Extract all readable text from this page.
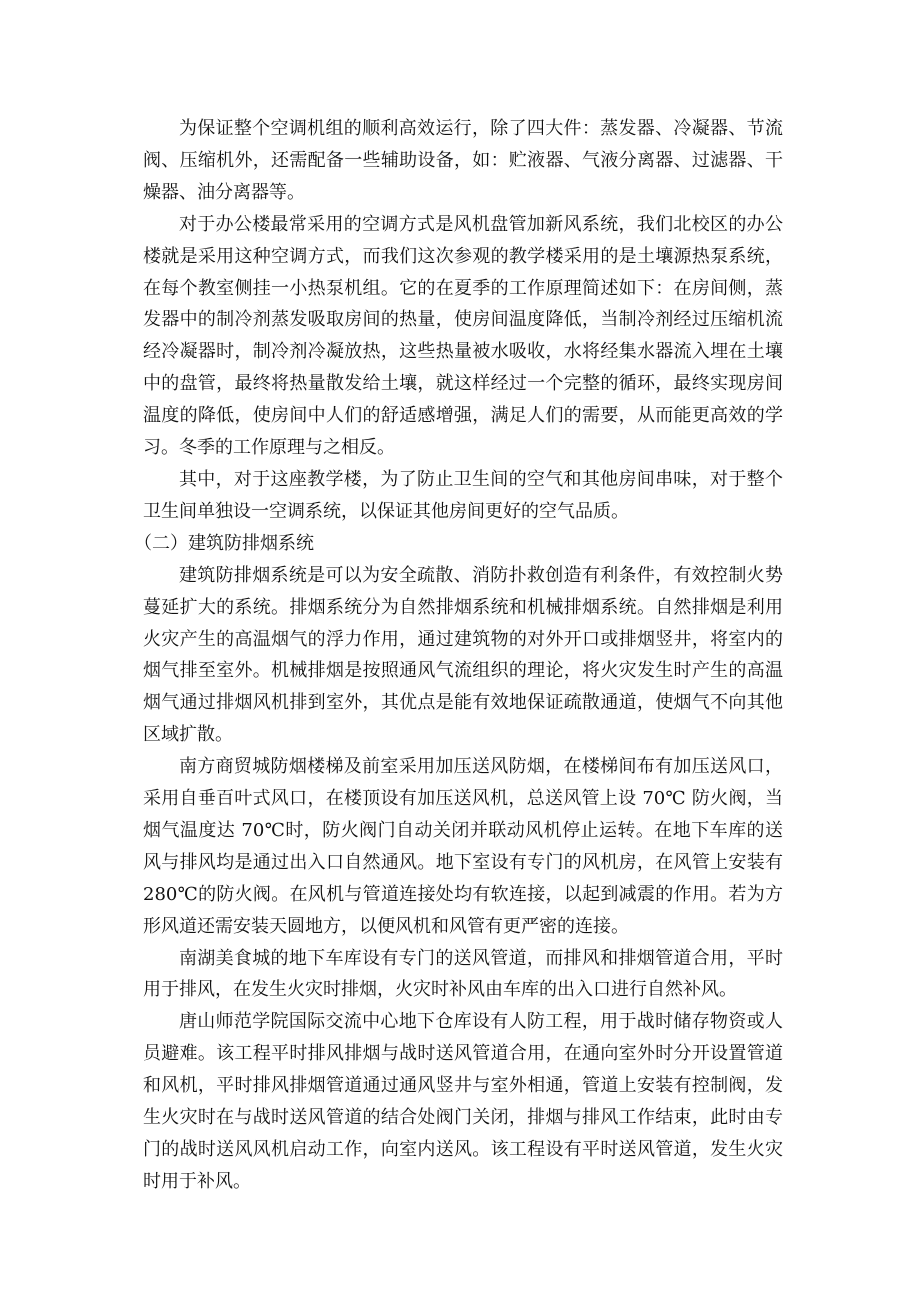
为保证整个空调机组的顺利高效运行，除了四大件：蒸发器、冷凝器、节流阀、压缩机外，还需配备一些辅助设备，如：贮液器、气液分离器、过滤器、干燥器、油分离器等。

对于办公楼最常采用的空调方式是风机盘管加新风系统，我们北校区的办公楼就是采用这种空调方式，而我们这次参观的教学楼采用的是土壤源热泵系统，在每个教室侧挂一小热泵机组。它的在夏季的工作原理简述如下：在房间侧，蒸发器中的制冷剂蒸发吸取房间的热量，使房间温度降低，当制冷剂经过压缩机流经冷凝器时，制冷剂冷凝放热，这些热量被水吸收，水将经集水器流入埋在土壤中的盘管，最终将热量散发给土壤，就这样经过一个完整的循环，最终实现房间温度的降低，使房间中人们的舒适感增强，满足人们的需要，从而能更高效的学习。冬季的工作原理与之相反。

其中，对于这座教学楼，为了防止卫生间的空气和其他房间串味，对于整个卫生间单独设一空调系统，以保证其他房间更好的空气品质。

（二）建筑防排烟系统

建筑防排烟系统是可以为安全疏散、消防扑救创造有利条件，有效控制火势蔓延扩大的系统。排烟系统分为自然排烟系统和机械排烟系统。自然排烟是利用火灾产生的高温烟气的浮力作用，通过建筑物的对外开口或排烟竖井，将室内的烟气排至室外。机械排烟是按照通风气流组织的理论，将火灾发生时产生的高温烟气通过排烟风机排到室外，其优点是能有效地保证疏散通道，使烟气不向其他区域扩散。

南方商贸城防烟楼梯及前室采用加压送风防烟，在楼梯间布有加压送风口，采用自垂百叶式风口，在楼顶设有加压送风机，总送风管上设 70℃ 防火阀，当烟气温度达 70℃时，防火阀门自动关闭并联动风机停止运转。在地下车库的送风与排风均是通过出入口自然通风。地下室设有专门的风机房，在风管上安装有 280℃的防火阀。在风机与管道连接处均有软连接，以起到减震的作用。若为方形风道还需安装天圆地方，以便风机和风管有更严密的连接。

南湖美食城的地下车库设有专门的送风管道，而排风和排烟管道合用，平时用于排风，在发生火灾时排烟，火灾时补风由车库的出入口进行自然补风。

唐山师范学院国际交流中心地下仓库设有人防工程，用于战时储存物资或人员避难。该工程平时排风排烟与战时送风管道合用，在通向室外时分开设置管道和风机，平时排风排烟管道通过通风竖井与室外相通，管道上安装有控制阀，发生火灾时在与战时送风管道的结合处阀门关闭，排烟与排风工作结束，此时由专门的战时送风风机启动工作，向室内送风。该工程设有平时送风管道，发生火灾时用于补风。
